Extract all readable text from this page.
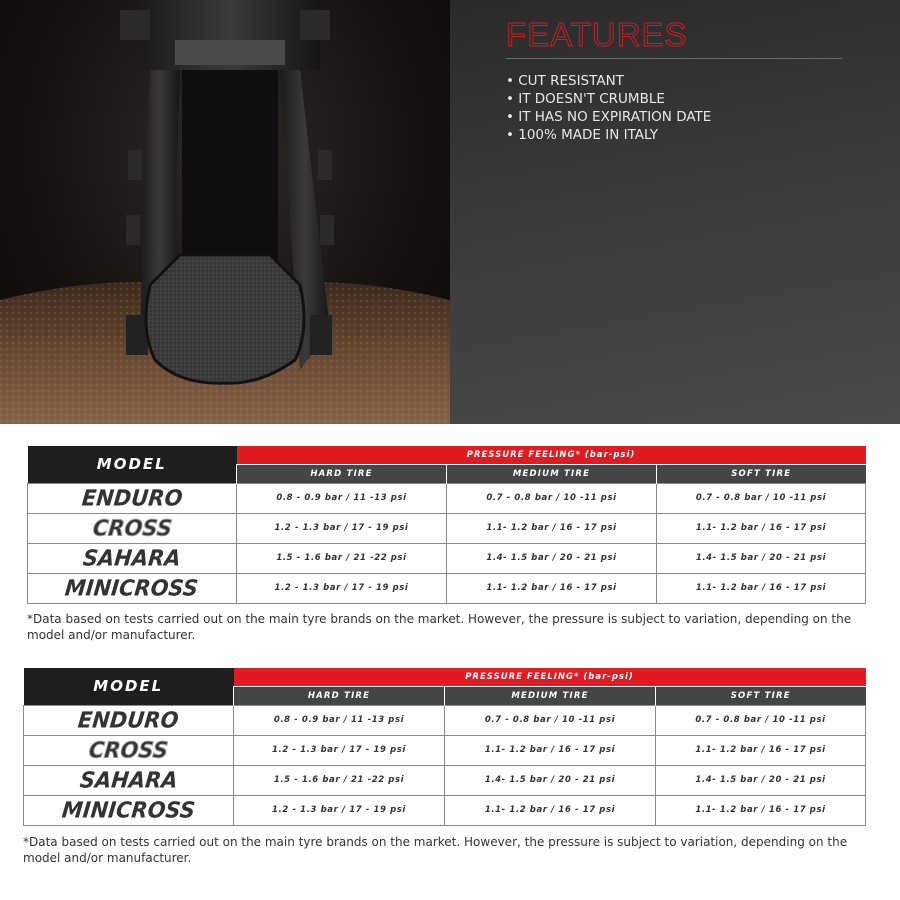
FEATURES
• CUT RESISTANT
• IT DOESN'T CRUMBLE
• IT HAS NO EXPIRATION DATE
• 100% MADE IN ITALY
MODEL	PRESSURE FEELING* (bar-psi)		
	HARD TIRE	MEDIUM TIRE	SOFT TIRE
ENDURO	0.8 - 0.9 bar / 11 -13 psi	0.7 - 0.8 bar / 10 -11 psi	0.7 - 0.8 bar / 10 -11 psi
CROSS	1.2 - 1.3 bar / 17 - 19 psi	1.1- 1.2 bar / 16 - 17 psi	1.1- 1.2 bar / 16 - 17 psi
SAHARA	1.5 - 1.6 bar / 21 -22 psi	1.4- 1.5 bar / 20 - 21 psi	1.4- 1.5 bar / 20 - 21 psi
MINICROSS	1.2 - 1.3 bar / 17 - 19 psi	1.1- 1.2 bar / 16 - 17 psi	1.1- 1.2 bar / 16 - 17 psi
*Data based on tests carried out on the main tyre brands on the market. However, the pressure is subject to variation, depending on the model and/or manufacturer.
MODEL	PRESSURE FEELING* (bar-psi)		
	HARD TIRE	MEDIUM TIRE	SOFT TIRE
ENDURO	0.8 - 0.9 bar / 11 -13 psi	0.7 - 0.8 bar / 10 -11 psi	0.7 - 0.8 bar / 10 -11 psi
CROSS	1.2 - 1.3 bar / 17 - 19 psi	1.1- 1.2 bar / 16 - 17 psi	1.1- 1.2 bar / 16 - 17 psi
SAHARA	1.5 - 1.6 bar / 21 -22 psi	1.4- 1.5 bar / 20 - 21 psi	1.4- 1.5 bar / 20 - 21 psi
MINICROSS	1.2 - 1.3 bar / 17 - 19 psi	1.1- 1.2 bar / 16 - 17 psi	1.1- 1.2 bar / 16 - 17 psi
*Data based on tests carried out on the main tyre brands on the market. However, the pressure is subject to variation, depending on the model and/or manufacturer.
